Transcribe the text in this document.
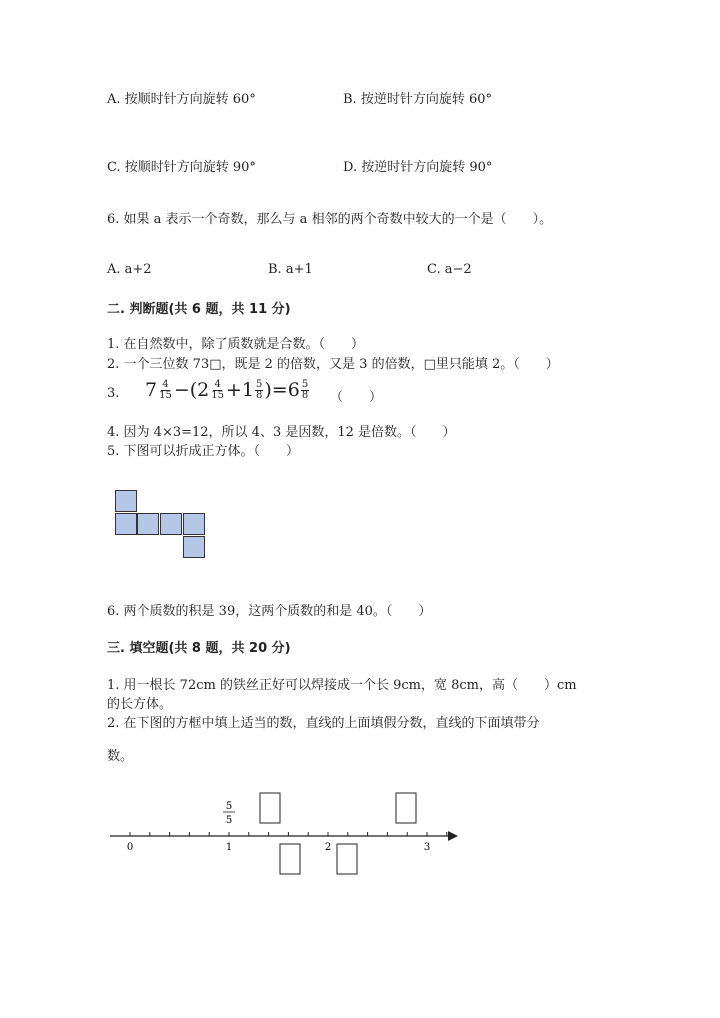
A. 按顺时针方向旋转 60°	B. 按逆时针方向旋转 60°
C. 按顺时针方向旋转 90°	D. 按逆时针方向旋转 90°
6. 如果 a 表示一个奇数，那么与 a 相邻的两个奇数中较大的一个是（　　）。
A. a+2	B. a+1	C. a−2
二. 判断题(共 6 题，共 11 分)
1. 在自然数中，除了质数就是合数。（　　）
2. 一个三位数 73□，既是 2 的倍数，又是 3 的倍数，□里只能填 2。（　　）
3. $7 \frac{4}{15}$ −( $2 \frac{4}{15} + 1 \frac{5}{8}$ )= $6 \frac{5}{8}$ （　　）
4. 因为 4×3=12，所以 4、3 是因数，12 是倍数。（　　）
5. 下图可以折成正方体。（　　）
6. 两个质数的积是 39，这两个质数的和是 40。（　　）
三. 填空题(共 8 题，共 20 分)
1. 用一根长 72cm 的铁丝正好可以焊接成一个长 9cm，宽 8cm，高（　　）cm
的长方体。
2. 在下图的方框中填上适当的数，直线的上面填假分数，直线的下面填带分
数。
0	1	2	3
5
5
